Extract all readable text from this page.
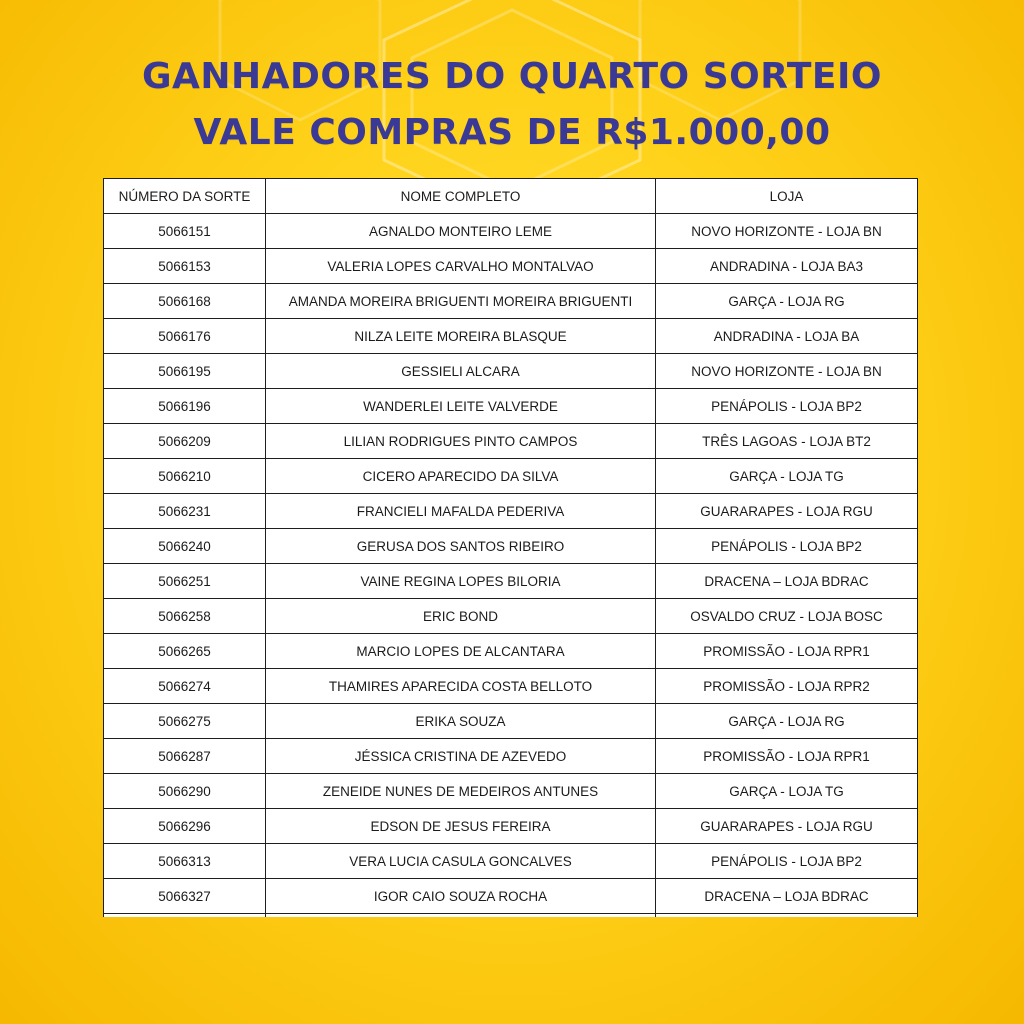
GANHADORES DO QUARTO SORTEIO
VALE COMPRAS DE R$1.000,00
NÚMERO DA SORTE	NOME COMPLETO	LOJA
5066151	AGNALDO MONTEIRO LEME	NOVO HORIZONTE - LOJA BN
5066153	VALERIA LOPES CARVALHO MONTALVAO	ANDRADINA - LOJA BA3
5066168	AMANDA MOREIRA BRIGUENTI MOREIRA BRIGUENTI	GARÇA - LOJA RG
5066176	NILZA LEITE MOREIRA BLASQUE	ANDRADINA - LOJA BA
5066195	GESSIELI ALCARA	NOVO HORIZONTE - LOJA BN
5066196	WANDERLEI LEITE VALVERDE	PENÁPOLIS - LOJA BP2
5066209	LILIAN RODRIGUES PINTO CAMPOS	TRÊS LAGOAS - LOJA BT2
5066210	CICERO APARECIDO DA SILVA	GARÇA - LOJA TG
5066231	FRANCIELI MAFALDA PEDERIVA	GUARARAPES - LOJA RGU
5066240	GERUSA DOS SANTOS RIBEIRO	PENÁPOLIS - LOJA BP2
5066251	VAINE REGINA LOPES BILORIA	DRACENA – LOJA BDRAC
5066258	ERIC BOND	OSVALDO CRUZ - LOJA BOSC
5066265	MARCIO LOPES DE ALCANTARA	PROMISSÃO - LOJA RPR1
5066274	THAMIRES APARECIDA COSTA BELLOTO	PROMISSÃO - LOJA RPR2
5066275	ERIKA SOUZA	GARÇA - LOJA RG
5066287	JÉSSICA CRISTINA DE AZEVEDO	PROMISSÃO - LOJA RPR1
5066290	ZENEIDE NUNES DE MEDEIROS ANTUNES	GARÇA - LOJA TG
5066296	EDSON DE JESUS FEREIRA	GUARARAPES - LOJA RGU
5066313	VERA LUCIA CASULA GONCALVES	PENÁPOLIS - LOJA BP2
5066327	IGOR CAIO SOUZA ROCHA	DRACENA – LOJA BDRAC
